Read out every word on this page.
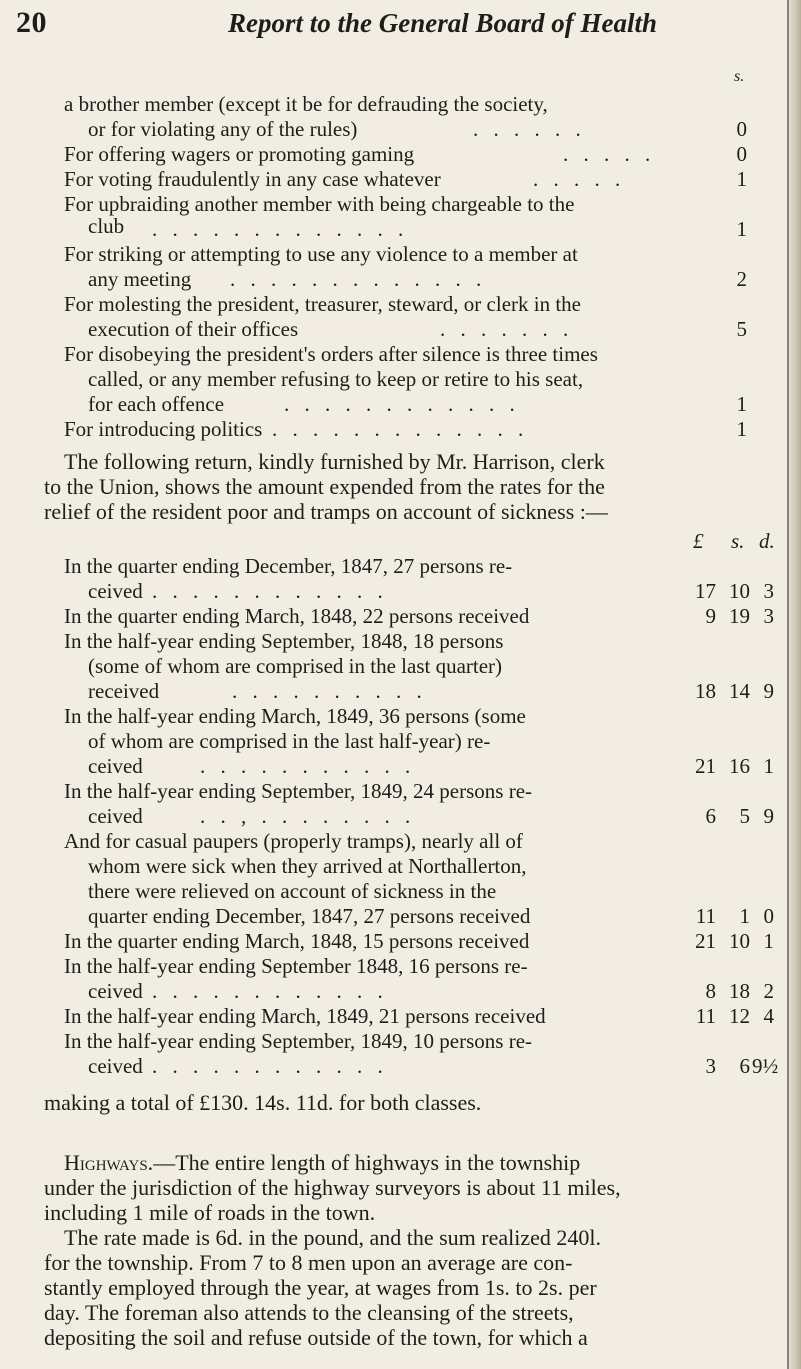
20	Report to the General Board of Health
s.
a brother member (except it be for defrauding the society,
or for violating any of the rules)	. . . . . .	0
For offering wagers or promoting gaming	. . . . .	0
For voting fraudulently in any case whatever	. . . . .	1
For upbraiding another member with being chargeable to the
club . . . . . . . . . . . . .	1
For striking or attempting to use any violence to a member at
any meeting . . . . . . . . . . . . .	2
For molesting the president, treasurer, steward, or clerk in the
execution of their offices	. . . . . . .	5
For disobeying the president's orders after silence is three times
called, or any member refusing to keep or retire to his seat,
for each offence	. . . . . . . . . . . .	1
For introducing politics . . . . . . . . . . . . .	1
The following return, kindly furnished by Mr. Harrison, clerk
to the Union, shows the amount expended from the rates for the
relief of the resident poor and tramps on account of sickness :—
£ s. d.
In the quarter ending December, 1847, 27 persons re-
ceived . . . . . . . . . . . .	17 10 3
In the quarter ending March, 1848, 22 persons received	9 19 3
In the half-year ending September, 1848, 18 persons
(some of whom are comprised in the last quarter)
received	. . . . . . . . . .	18 14 9
In the half-year ending March, 1849, 36 persons (some
of whom are comprised in the last half-year) re-
ceived	. . . . . . . . . . .	21 16 1
In the half-year ending September, 1849, 24 persons re-
ceived	. . , . . . . . . . .	6	5 9
And for casual paupers (properly tramps), nearly all of
whom were sick when they arrived at Northallerton,
there were relieved on account of sickness in the
quarter ending December, 1847, 27 persons received	11	1 0
In the quarter ending March, 1848, 15 persons received	21 10 1
In the half-year ending September 1848, 16 persons re-
ceived . . . . . . . . . . . .	8 18 2
In the half-year ending March, 1849, 21 persons received	11 12 4
In the half-year ending September, 1849, 10 persons re-
ceived . . . . . . . . . . . .	3	6 9½
making a total of £130. 14s. 11d. for both classes.
Highways.—The entire length of highways in the township
under the jurisdiction of the highway surveyors is about 11 miles,
including 1 mile of roads in the town.
The rate made is 6d. in the pound, and the sum realized 240l.
for the township. From 7 to 8 men upon an average are con-
stantly employed through the year, at wages from 1s. to 2s. per
day. The foreman also attends to the cleansing of the streets,
depositing the soil and refuse outside of the town, for which a
